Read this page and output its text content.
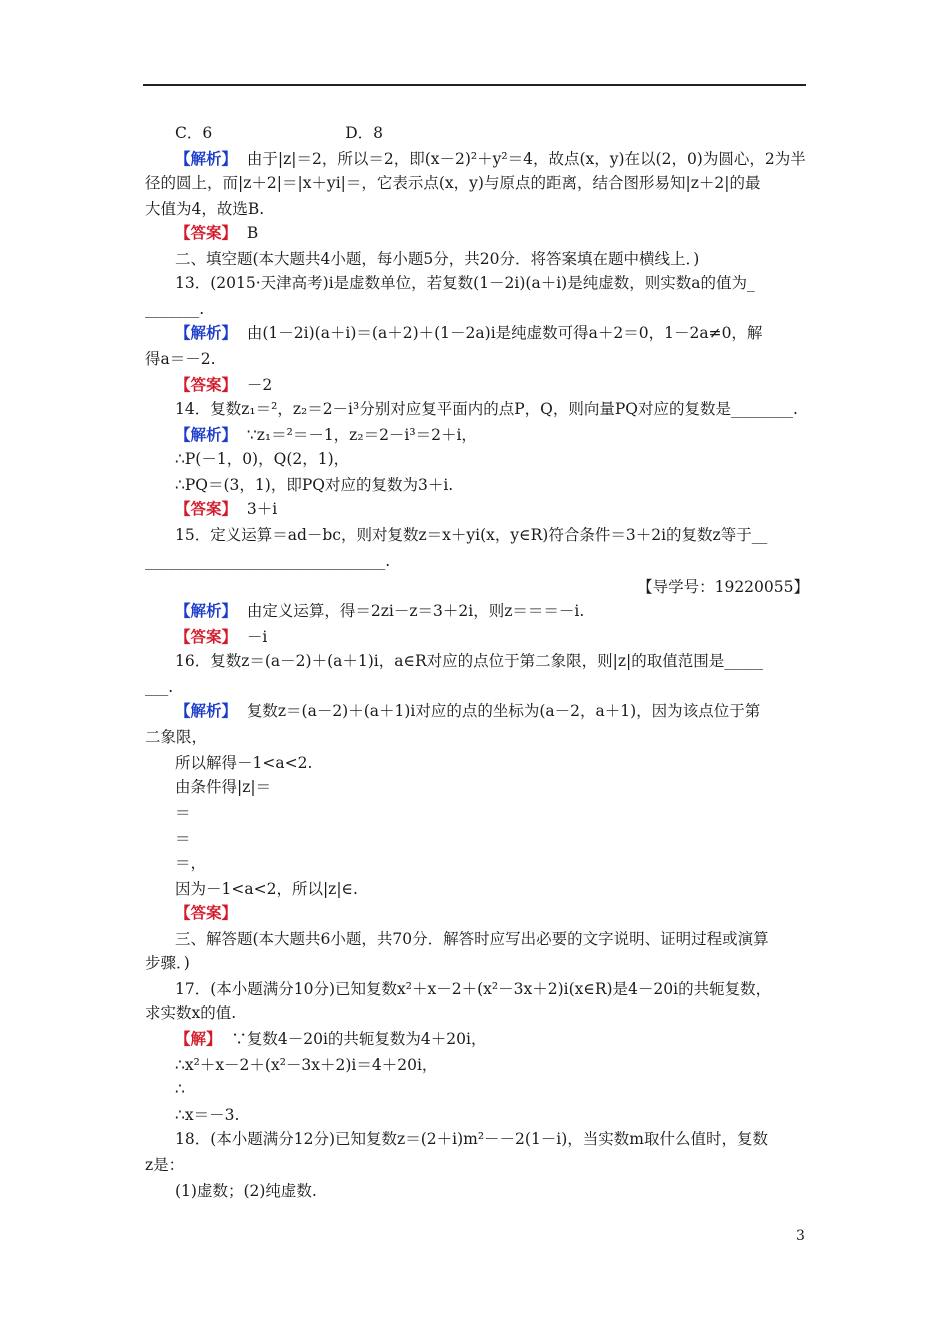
C．6                           D．8
【解析】  由于|z|＝2，所以＝2，即(x－2)²＋y²＝4，故点(x，y)在以(2，0)为圆心，2为半
径的圆上，而|z＋2|＝|x＋yi|＝，它表示点(x，y)与原点的距离，结合图形易知|z＋2|的最
大值为4，故选B.
【答案】  B
二、填空题(本大题共4小题，每小题5分，共20分．将答案填在题中横线上．)
13．(2015·天津高考)i是虚数单位，若复数(1－2i)(a＋i)是纯虚数，则实数a的值为_
_______.
【解析】  由(1－2i)(a＋i)＝(a＋2)＋(1－2a)i是纯虚数可得a＋2＝0，1－2a≠0，解
得a＝－2.
【答案】  －2
14．复数z₁＝²，z₂＝2－i³分别对应复平面内的点P，Q，则向量PQ对应的复数是________.
【解析】  ∵z₁＝²＝－1，z₂＝2－i³＝2＋i，
∴P(－1，0)，Q(2，1)，
∴PQ＝(3，1)，即PQ对应的复数为3＋i.
【答案】  3＋i
15．定义运算＝ad－bc，则对复数z＝x＋yi(x，y∈R)符合条件＝3＋2i的复数z等于__
_______________________________.
【导学号：19220055】
【解析】  由定义运算，得＝2zi－z＝3＋2i，则z＝＝＝－i.
【答案】  －i
16．复数z＝(a－2)＋(a＋1)i，a∈R对应的点位于第二象限，则|z|的取值范围是_____
___.
【解析】  复数z＝(a－2)＋(a＋1)i对应的点的坐标为(a－2，a＋1)，因为该点位于第
二象限，
所以解得－1<a<2.
由条件得|z|＝
＝
＝
＝，
因为－1<a<2，所以|z|∈.
【答案】
三、解答题(本大题共6小题，共70分．解答时应写出必要的文字说明、证明过程或演算
步骤．)
17．(本小题满分10分)已知复数x²＋x－2＋(x²－3x＋2)i(x∈R)是4－20i的共轭复数，
求实数x的值.
【解】  ∵复数4－20i的共轭复数为4＋20i，
∴x²＋x－2＋(x²－3x＋2)i＝4＋20i，
∴
∴x＝－3.
18．(本小题满分12分)已知复数z＝(2＋i)m²－－2(1－i)，当实数m取什么值时，复数
z是：
(1)虚数；(2)纯虚数.
3
